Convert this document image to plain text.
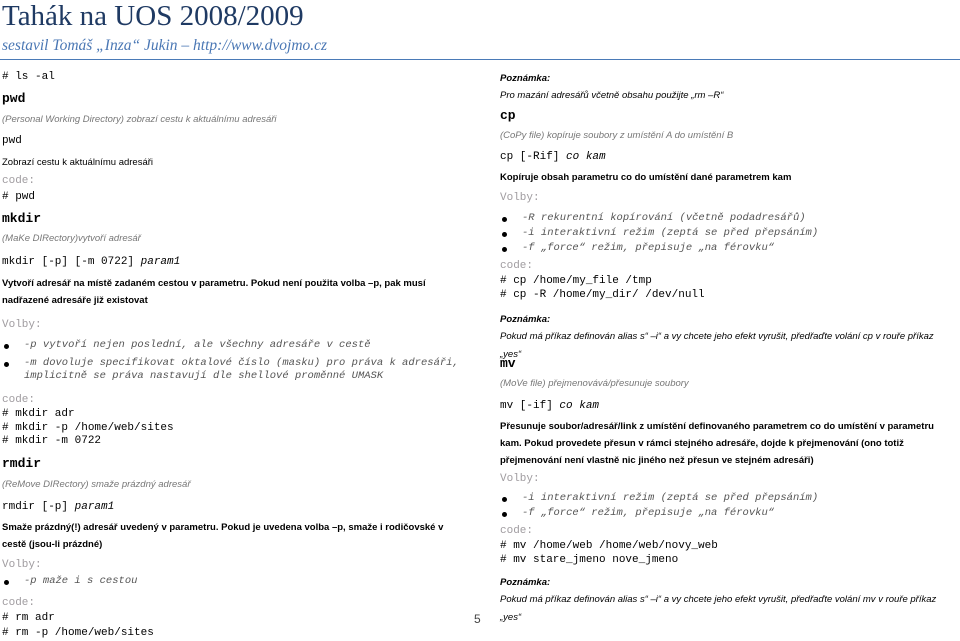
Tahák na UOS 2008/2009
sestavil Tomáš „Inza“ Jukin – http://www.dvojmo.cz
# ls -al
pwd
(Personal Working Directory) zobrazí cestu k aktuálnímu adresáři
pwd
Zobrazí cestu k aktuálnímu adresáři
code:
# pwd
mkdir
(MaKe DIRectory)vytvoří adresář
mkdir [-p] [-m 0722] param1
Vytvoří adresář na místě zadaném cestou v parametru. Pokud není použita volba –p, pak musí nadřazené adresáře již existovat
Volby:
-p vytvoří nejen poslední, ale všechny adresáře v cestě
-m dovoluje specifikovat oktalové číslo (masku) pro práva k adresáři, implicitně se práva nastavují dle shellové proměnné UMASK
code:
# mkdir adr
# mkdir -p /home/web/sites
# mkdir -m 0722
rmdir
(ReMove DIRectory) smaže prázdný adresář
rmdir [-p] param1
Smaže prázdný(!) adresář uvedený v parametru. Pokud je uvedena volba –p, smaže i rodičovské v cestě (jsou-li prázdné)
Volby:
-p maže i s cestou
code:
# rm adr
# rm -p /home/web/sites
Poznámka:
Pro mazání adresářů včetně obsahu použijte „rm –R“
cp
(CoPy file) kopíruje soubory z umístění A do umístění B
cp [-Rif] co kam
Kopíruje obsah parametru co do umístění dané parametrem kam
Volby:
-R rekurentní kopírování (včetně podadresářů)
-i interaktivní režim (zeptá se před přepsáním)
-f „force“ režim, přepisuje „na férovku“
code:
# cp /home/my_file /tmp
# cp -R /home/my_dir/ /dev/null
Poznámka:
Pokud má příkaz definován alias s“ –i“ a vy chcete jeho efekt vyrušit, předřaďte volání cp v rouře příkaz „yes“
mv
(MoVe file) přejmenovává/přesunuje soubory
mv [-if] co kam
Přesunuje soubor/adresář/link z umístění definovaného parametrem co do umístění v parametru kam. Pokud provedete přesun v rámci stejného adresáře, dojde k přejmenování (ono totiž přejmenování není vlastně nic jiného než přesun ve stejném adresáři)
Volby:
-i interaktivní režim (zeptá se před přepsáním)
-f „force“ režim, přepisuje „na férovku“
code:
# mv /home/web /home/web/novy_web
# mv stare_jmeno nove_jmeno
Poznámka:
Pokud má příkaz definován alias s“ –i“ a vy chcete jeho efekt vyrušit, předřaďte volání mv v rouře příkaz „yes“
5
